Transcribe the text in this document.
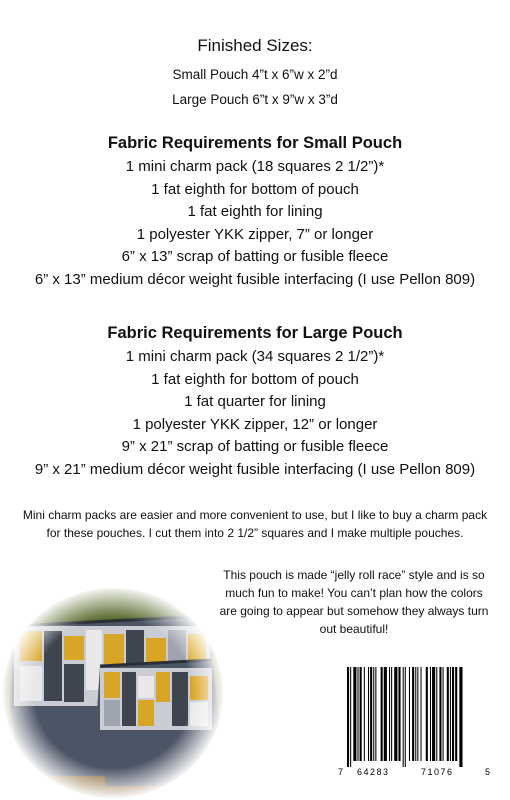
Finished Sizes:
Small Pouch 4”t x 6”w x 2”d
Large Pouch 6”t x 9”w x 3”d
Fabric Requirements for Small Pouch
1 mini charm pack (18 squares 2 1/2”)*
1 fat eighth for bottom of pouch
1 fat eighth for lining
1 polyester YKK zipper, 7” or longer
6” x 13” scrap of batting or fusible fleece
6” x 13” medium décor weight fusible interfacing (I use Pellon 809)
Fabric Requirements for Large Pouch
1 mini charm pack (34 squares 2 1/2”)*
1 fat eighth for bottom of pouch
1 fat quarter for lining
1 polyester YKK zipper, 12” or longer
9” x 21” scrap of batting or fusible fleece
9” x 21” medium décor weight fusible interfacing (I use Pellon 809)
Mini charm packs are easier and more convenient to use, but I like to buy a charm pack for these pouches. I cut them into 2 1/2” squares and I make multiple pouches.
This pouch is made “jelly roll race” style and is so much fun to make! You can’t plan how the colors are going to appear but somehow they always turn out beautiful!
7 64283	71076	5
